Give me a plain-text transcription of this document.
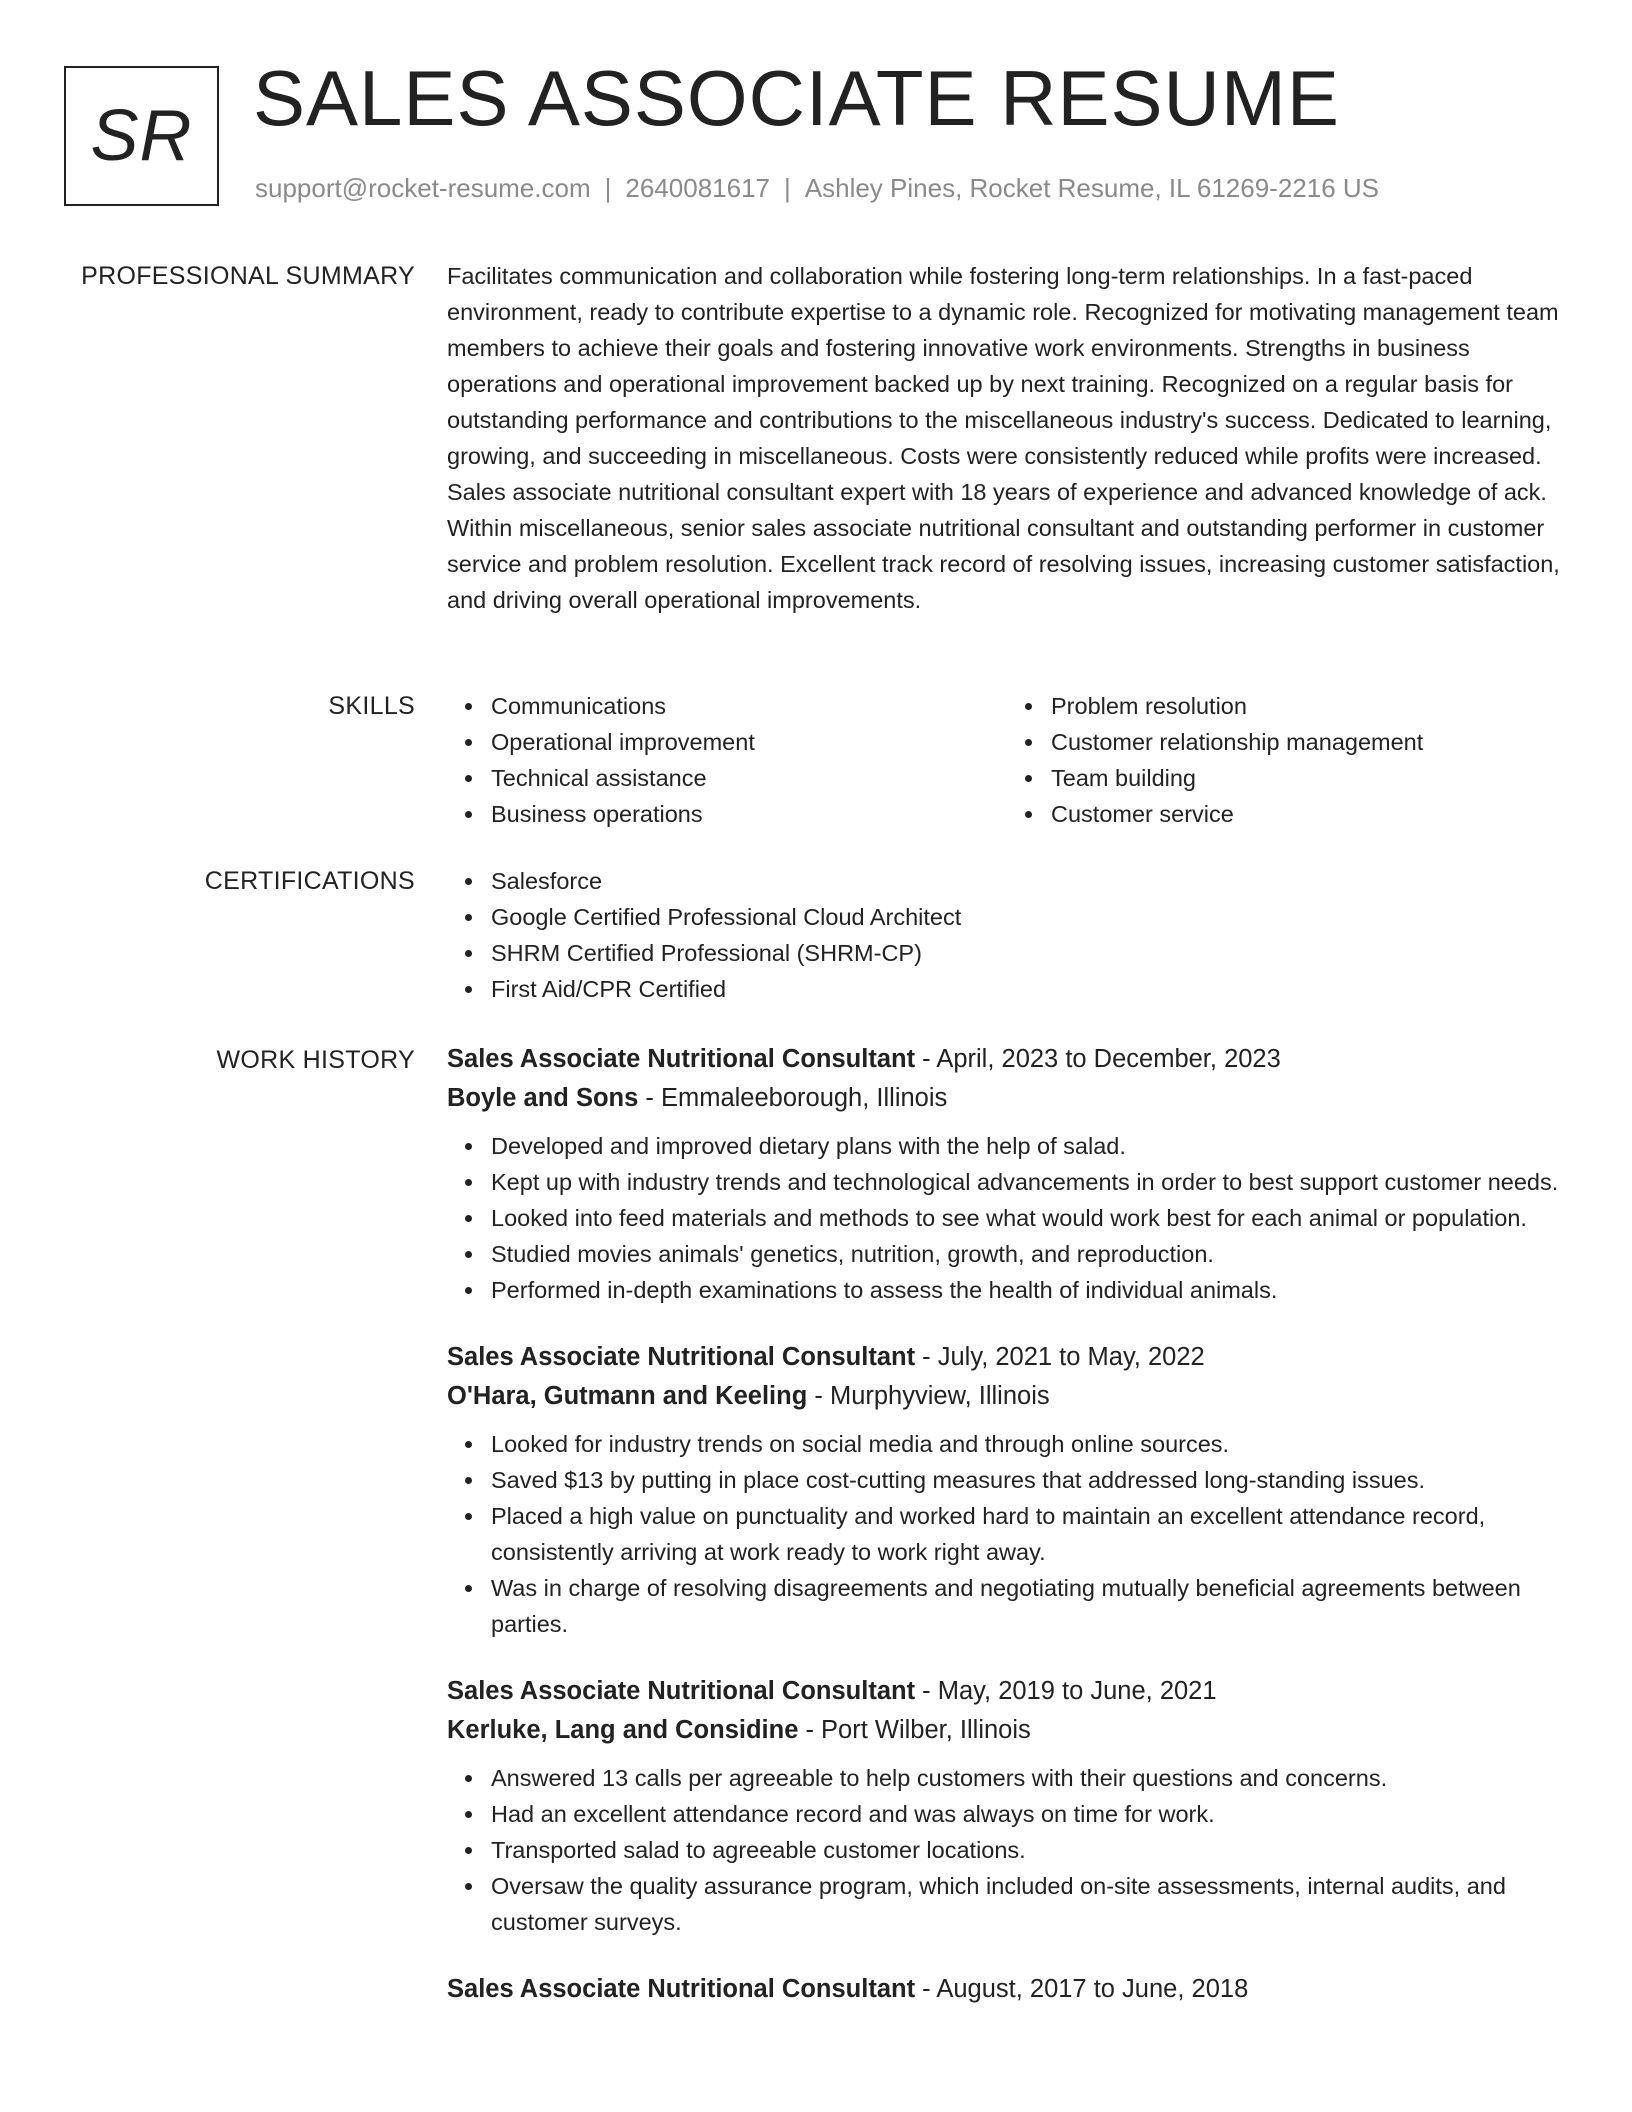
SR SALES ASSOCIATE RESUME
support@rocket-resume.com | 2640081617 | Ashley Pines, Rocket Resume, IL 61269-2216 US
PROFESSIONAL SUMMARY Facilitates communication and collaboration while fostering long-term relationships. In a fast-paced environment, ready to contribute expertise to a dynamic role. Recognized for motivating management team members to achieve their goals and fostering innovative work environments. Strengths in business operations and operational improvement backed up by next training. Recognized on a regular basis for outstanding performance and contributions to the miscellaneous industry's success. Dedicated to learning, growing, and succeeding in miscellaneous. Costs were consistently reduced while profits were increased. Sales associate nutritional consultant expert with 18 years of experience and advanced knowledge of ack. Within miscellaneous, senior sales associate nutritional consultant and outstanding performer in customer service and problem resolution. Excellent track record of resolving issues, increasing customer satisfaction, and driving overall operational improvements.

SKILLS	Communications
Operational improvement
Technical assistance
Business operations
Problem resolution
Customer relationship management
Team building
Customer service
CERTIFICATIONS	Salesforce
Google Certified Professional Cloud Architect
SHRM Certified Professional (SHRM-CP)
First Aid/CPR Certified
WORK HISTORY Sales Associate Nutritional Consultant - April, 2023 to December, 2023
Boyle and Sons - Emmaleeborough, Illinois
Developed and improved dietary plans with the help of salad.
Kept up with industry trends and technological advancements in order to best support customer needs.
Looked into feed materials and methods to see what would work best for each animal or population.
Studied movies animals' genetics, nutrition, growth, and reproduction.
Performed in-depth examinations to assess the health of individual animals.
Sales Associate Nutritional Consultant - July, 2021 to May, 2022
O'Hara, Gutmann and Keeling - Murphyview, Illinois
Looked for industry trends on social media and through online sources.
Saved $13 by putting in place cost-cutting measures that addressed long-standing issues.
Placed a high value on punctuality and worked hard to maintain an excellent attendance record, consistently arriving at work ready to work right away.
Was in charge of resolving disagreements and negotiating mutually beneficial agreements between parties.
Sales Associate Nutritional Consultant - May, 2019 to June, 2021
Kerluke, Lang and Considine - Port Wilber, Illinois
Answered 13 calls per agreeable to help customers with their questions and concerns.
Had an excellent attendance record and was always on time for work.
Transported salad to agreeable customer locations.
Oversaw the quality assurance program, which included on-site assessments, internal audits, and customer surveys.
Sales Associate Nutritional Consultant - August, 2017 to June, 2018
